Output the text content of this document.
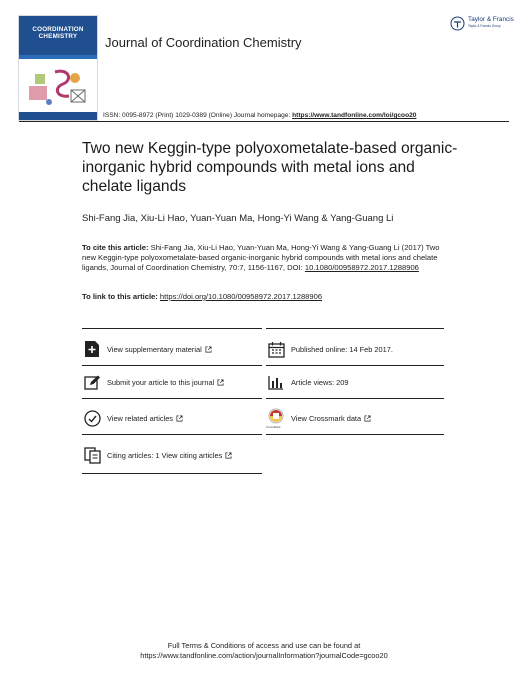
COORDINATION
CHEMISTRY	Journal of Coordination Chemistry
Taylor & Francis
Taylor & Francis Group
ISSN: 0095-8972 (Print) 1029-0389 (Online) Journal homepage: https://www.tandfonline.com/loi/gcoo20
Two new Keggin-type polyoxometalate-based organic-inorganic hybrid compounds with metal ions and chelate ligands
Shi-Fang Jia, Xiu-Li Hao, Yuan-Yuan Ma, Hong-Yi Wang & Yang-Guang Li
To cite this article: Shi-Fang Jia, Xiu-Li Hao, Yuan-Yuan Ma, Hong-Yi Wang & Yang-Guang Li (2017) Two new Keggin-type polyoxometalate-based organic-inorganic hybrid compounds with metal ions and chelate ligands, Journal of Coordination Chemistry, 70:7, 1156-1167, DOI: 10.1080/00958972.2017.1288906
To link to this article: https://doi.org/10.1080/00958972.2017.1288906
View supplementary material	Published online: 14 Feb 2017.
Submit your article to this journal	Article views: 209
View related articles	View Crossmark data
CrossMark
Citing articles: 1 View citing articles
Full Terms & Conditions of access and use can be found at
https://www.tandfonline.com/action/journalInformation?journalCode=gcoo20
